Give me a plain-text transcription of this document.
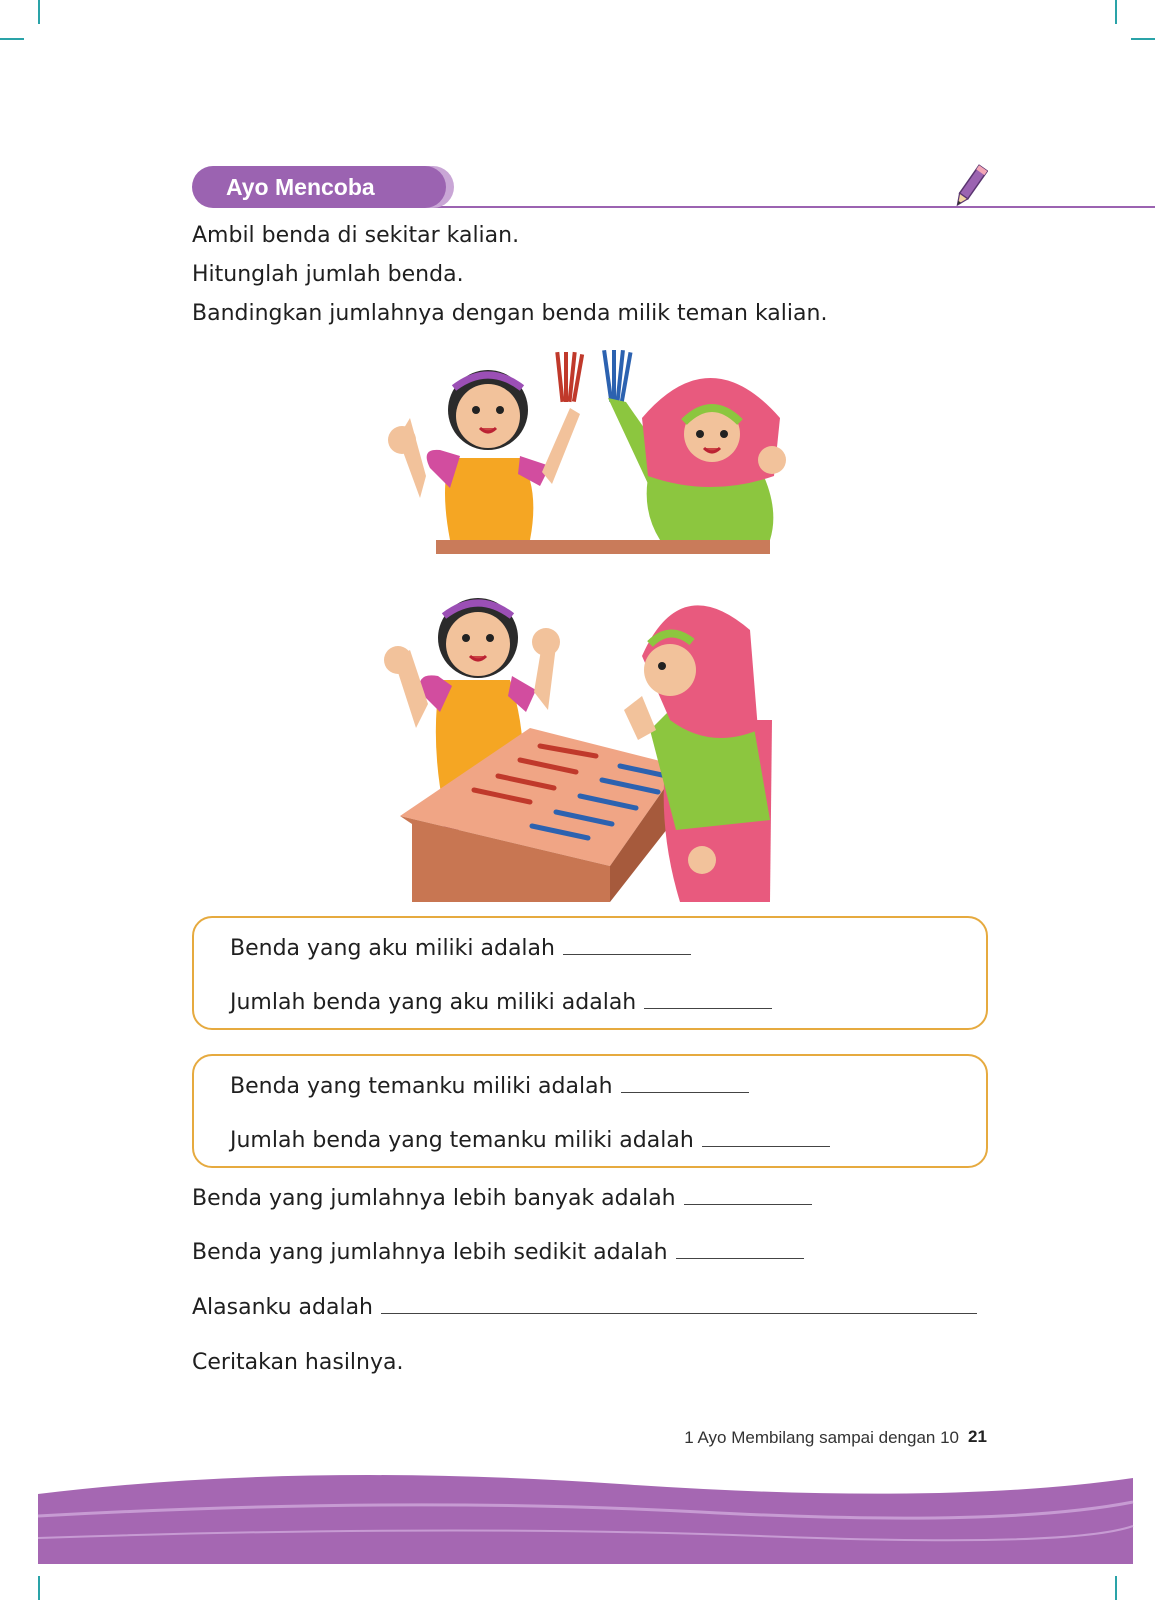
Ayo Mencoba
Ambil benda di sekitar kalian.
Hitunglah jumlah benda.
Bandingkan jumlahnya dengan benda milik teman kalian.
Benda yang aku miliki adalah
Jumlah benda yang aku miliki adalah
Benda yang temanku miliki adalah
Jumlah benda yang temanku miliki adalah
Benda yang jumlahnya lebih banyak adalah
Benda yang jumlahnya lebih sedikit adalah
Alasanku adalah
Ceritakan hasilnya.
1 Ayo Membilang sampai dengan 10 21
